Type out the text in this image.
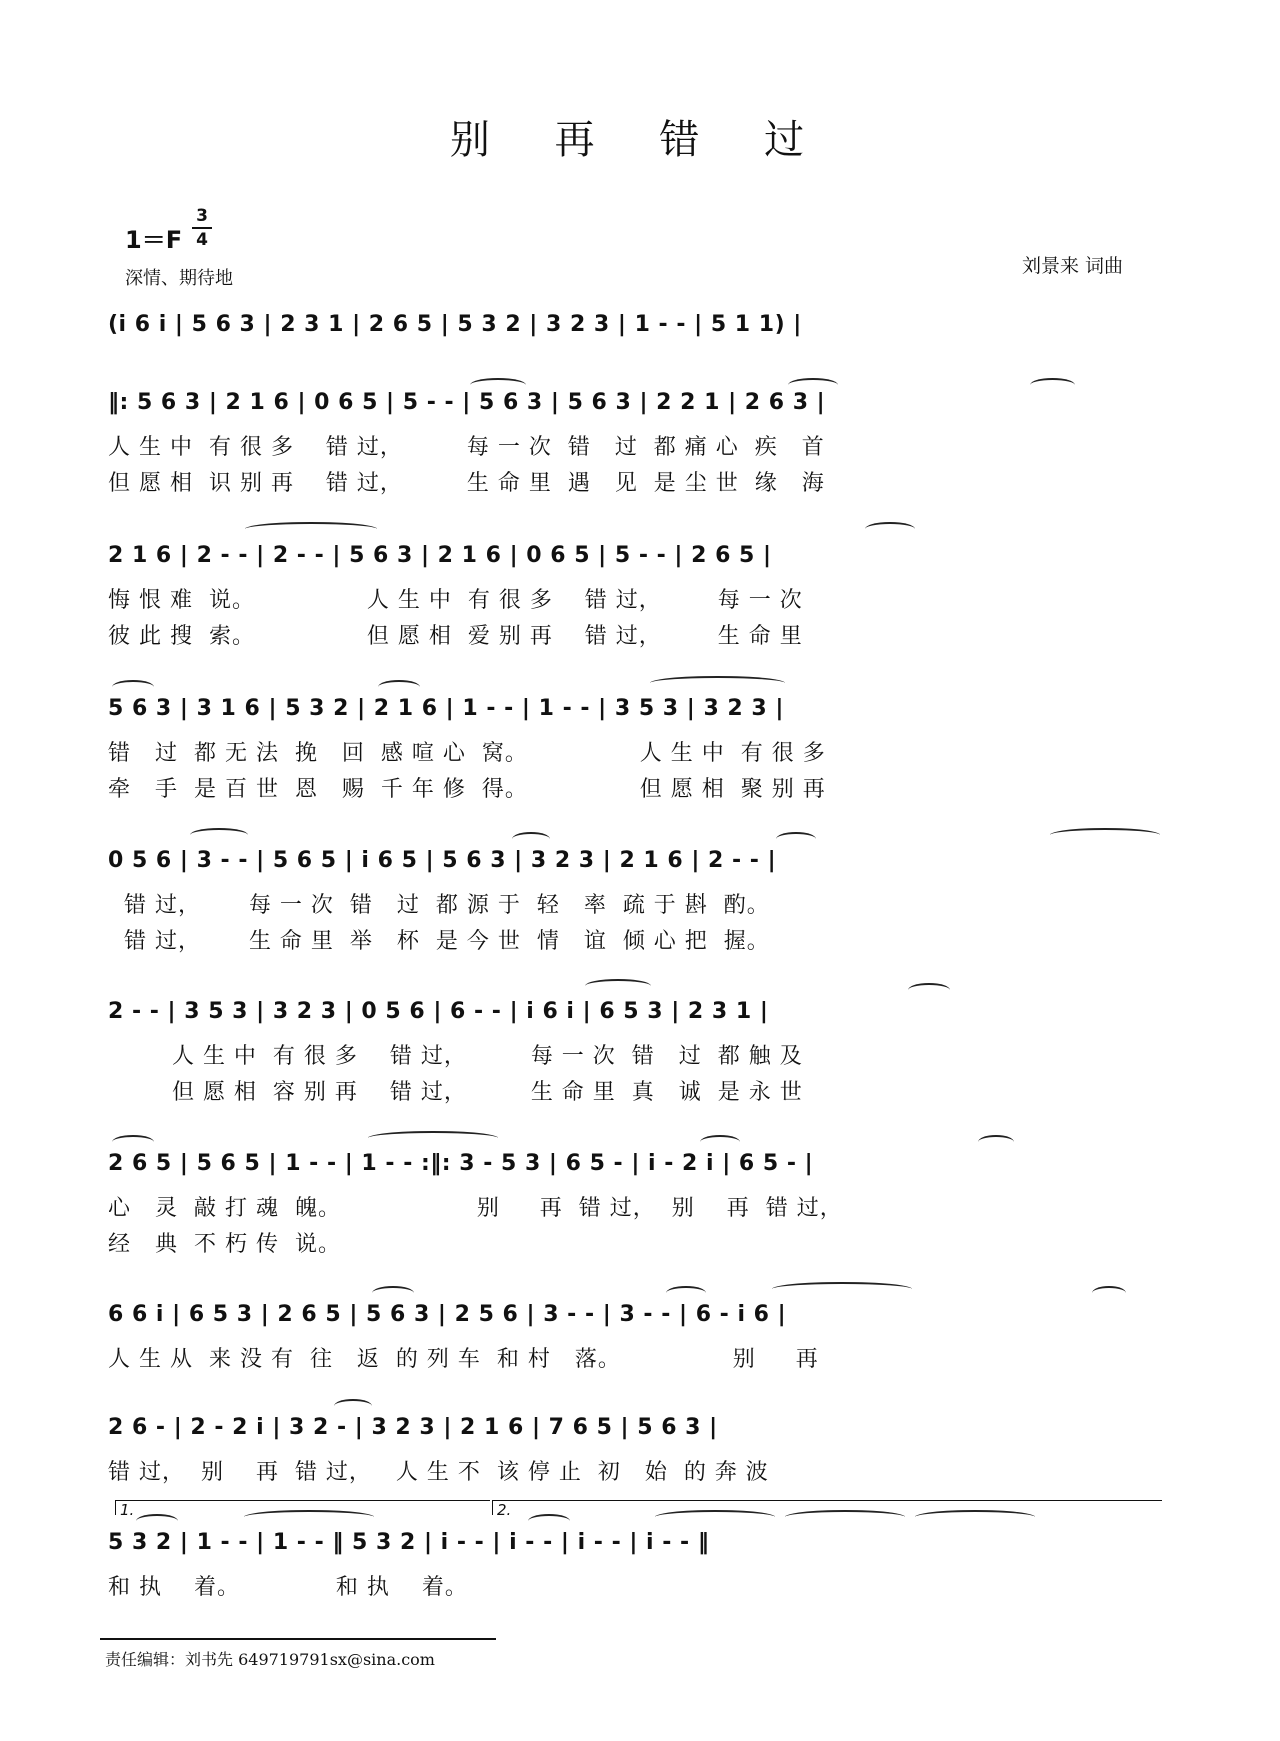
别 再 错 过
1＝F
3
4
深情、期待地
刘景来 词曲
(i 6 i | 5 6 3 | 2 3 1 | 2 6 5 | 5 3 2 | 3 2 3 | 1 - - | 5 1 1) |
‖: 5 6 3 | 2 1 6 | 0 6 5 | 5 - - | 5 6 3 | 5 6 3 | 2 2 1 | 2 6 3 |
人 生 中  有 很 多    错 过，        每 一 次  错   过  都 痛 心  疾   首
但 愿 相  识 别 再    错 过，        生 命 里  遇   见  是 尘 世  缘   海
2 1 6 | 2 - - | 2 - - | 5 6 3 | 2 1 6 | 0 6 5 | 5 - - | 2 6 5 |
悔 恨 难  说。              人 生 中  有 很 多    错 过，       每 一 次
彼 此 搜  索。              但 愿 相  爱 别 再    错 过，       生 命 里
5 6 3 | 3 1 6 | 5 3 2 | 2 1 6 | 1 - - | 1 - - | 3 5 3 | 3 2 3 |
错   过  都 无 法  挽   回  感 喧 心  窝。              人 生 中  有 很 多
牵   手  是 百 世  恩   赐  千 年 修  得。              但 愿 相  聚 别 再
0 5 6 | 3 - - | 5 6 5 | i 6 5 | 5 6 3 | 3 2 3 | 2 1 6 | 2 - - |
错 过，      每 一 次  错   过  都 源 于  轻   率  疏 于 斟  酌。
错 过，      生 命 里  举   杯  是 今 世  情   谊  倾 心 把  握。
2 - - | 3 5 3 | 3 2 3 | 0 5 6 | 6 - - | i 6 i | 6 5 3 | 2 3 1 |
人 生 中  有 很 多    错 过，        每 一 次  错   过  都 触 及
但 愿 相  容 别 再    错 过，        生 命 里  真   诚  是 永 世
2 6 5 | 5 6 5 | 1 - - | 1 - - :‖: 3 - 5 3 | 6 5 - | i - 2 i | 6 5 - |
心   灵  敲 打 魂  魄。                 别     再  错 过，  别    再  错 过，
经   典  不 朽 传  说。
6 6 i | 6 5 3 | 2 6 5 | 5 6 3 | 2 5 6 | 3 - - | 3 - - | 6 - i 6 |
人 生 从  来 没 有  往   返  的 列 车  和 村   落。              别     再
2 6 - | 2 - 2 i | 3 2 - | 3 2 3 | 2 1 6 | 7 6 5 | 5 6 3 |
错 过，  别    再  错 过，   人 生 不  该 停 止  初   始  的 奔 波
1.	2.
5 3 2 | 1 - - | 1 - - ‖ 5 3 2 | i - - | i - - | i - - | i - - ‖
和 执    着。            和 执    着。
责任编辑：刘书先 649719791sx@sina.com
